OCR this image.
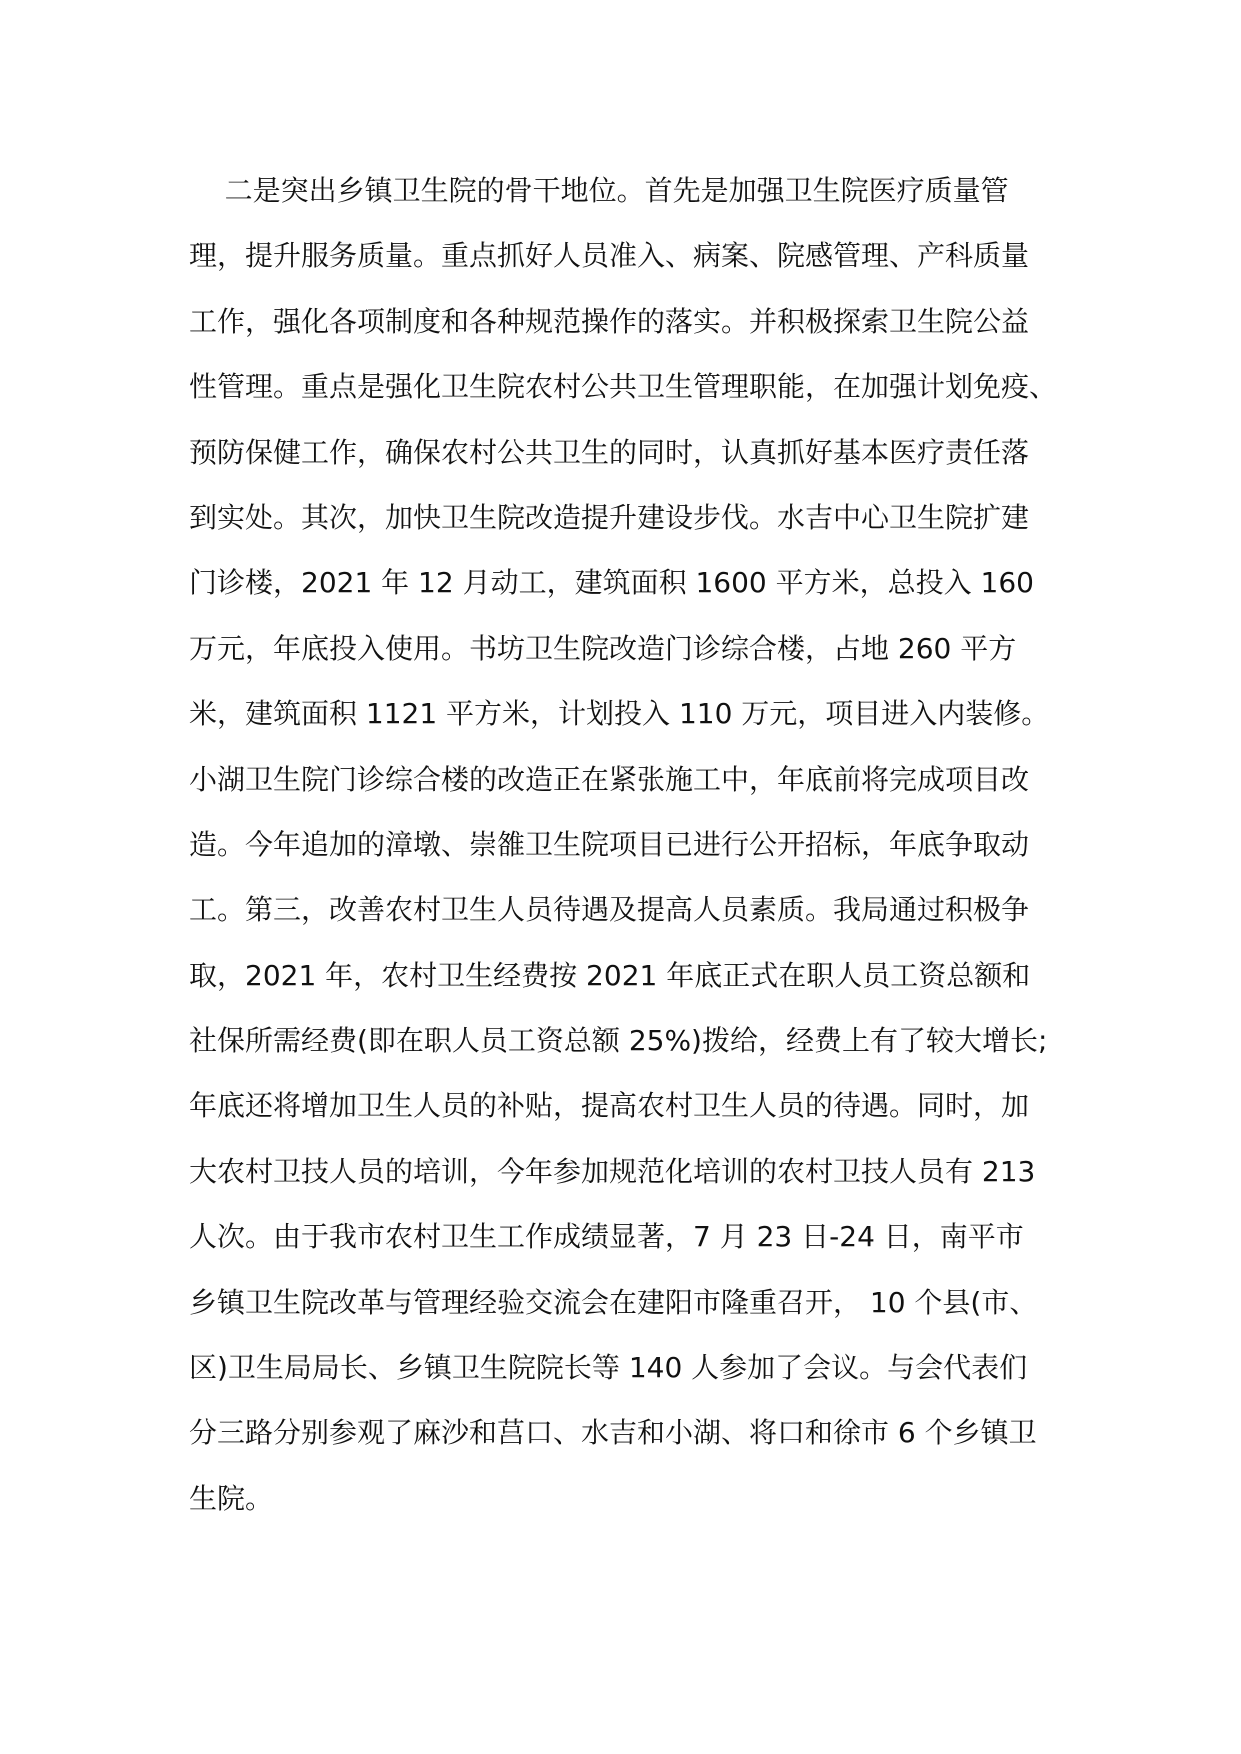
二是突出乡镇卫生院的骨干地位。首先是加强卫生院医疗质量管
理，提升服务质量。重点抓好人员准入、病案、院感管理、产科质量
工作，强化各项制度和各种规范操作的落实。并积极探索卫生院公益
性管理。重点是强化卫生院农村公共卫生管理职能，在加强计划免疫、
预防保健工作，确保农村公共卫生的同时，认真抓好基本医疗责任落
到实处。其次，加快卫生院改造提升建设步伐。水吉中心卫生院扩建
门诊楼，2021 年 12 月动工，建筑面积 1600 平方米，总投入 160
万元，年底投入使用。书坊卫生院改造门诊综合楼，占地 260 平方
米，建筑面积 1121 平方米，计划投入 110 万元，项目进入内装修。
小湖卫生院门诊综合楼的改造正在紧张施工中，年底前将完成项目改
造。今年追加的漳墩、崇雒卫生院项目已进行公开招标，年底争取动
工。第三，改善农村卫生人员待遇及提高人员素质。我局通过积极争
取，2021 年，农村卫生经费按 2021 年底正式在职人员工资总额和
社保所需经费(即在职人员工资总额 25%)拨给，经费上有了较大增长;
年底还将增加卫生人员的补贴，提高农村卫生人员的待遇。同时，加
大农村卫技人员的培训，今年参加规范化培训的农村卫技人员有 213
人次。由于我市农村卫生工作成绩显著，7 月 23 日-24 日，南平市
乡镇卫生院改革与管理经验交流会在建阳市隆重召开， 10 个县(市、
区)卫生局局长、乡镇卫生院院长等 140 人参加了会议。与会代表们
分三路分别参观了麻沙和莒口、水吉和小湖、将口和徐市 6 个乡镇卫
生院。
